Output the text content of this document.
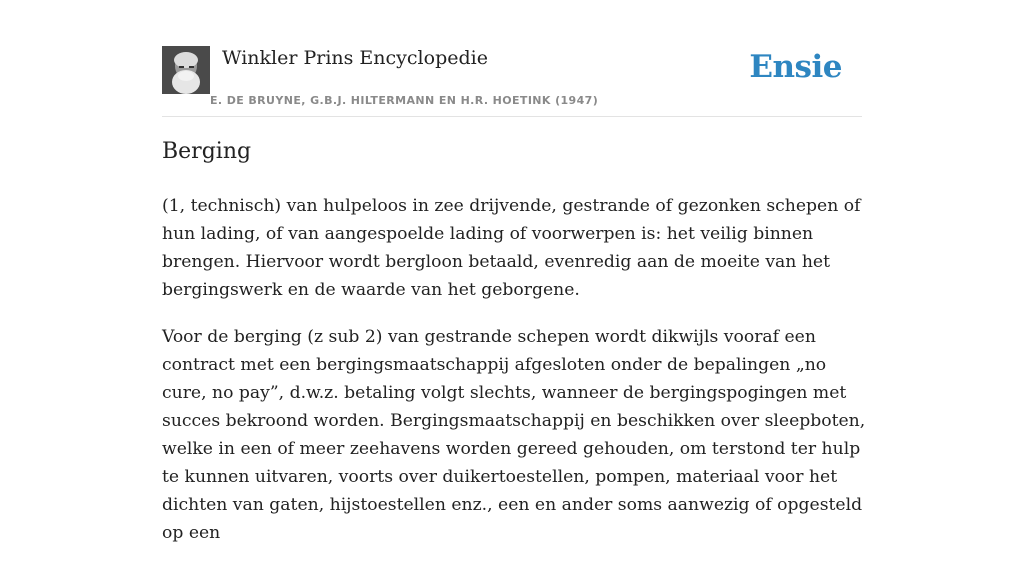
Winkler Prins Encyclopedie
E. DE BRUYNE, G.B.J. HILTERMANN EN H.R. HOETINK (1947)
Ensie
Berging

(1, technisch) van hulpeloos in zee drijvende, gestrande of gezonken schepen of hun lading, of van aangespoelde lading of voorwerpen is: het veilig binnen brengen. Hiervoor wordt bergloon betaald, evenredig aan de moeite van het bergingswerk en de waarde van het geborgene.

Voor de berging (z sub 2) van gestrande schepen wordt dikwijls vooraf een contract met een bergingsmaatschappij afgesloten onder de bepalingen „no cure, no pay”, d.w.z. betaling volgt slechts, wanneer de bergingspogingen met succes bekroond worden. Bergingsmaatschappij en beschikken over sleepboten, welke in een of meer zeehavens worden gereed gehouden, om terstond ter hulp te kunnen uitvaren, voorts over duikertoestellen, pompen, materiaal voor het dichten van gaten, hijstoestellen enz., een en ander soms aanwezig of opgesteld op een
